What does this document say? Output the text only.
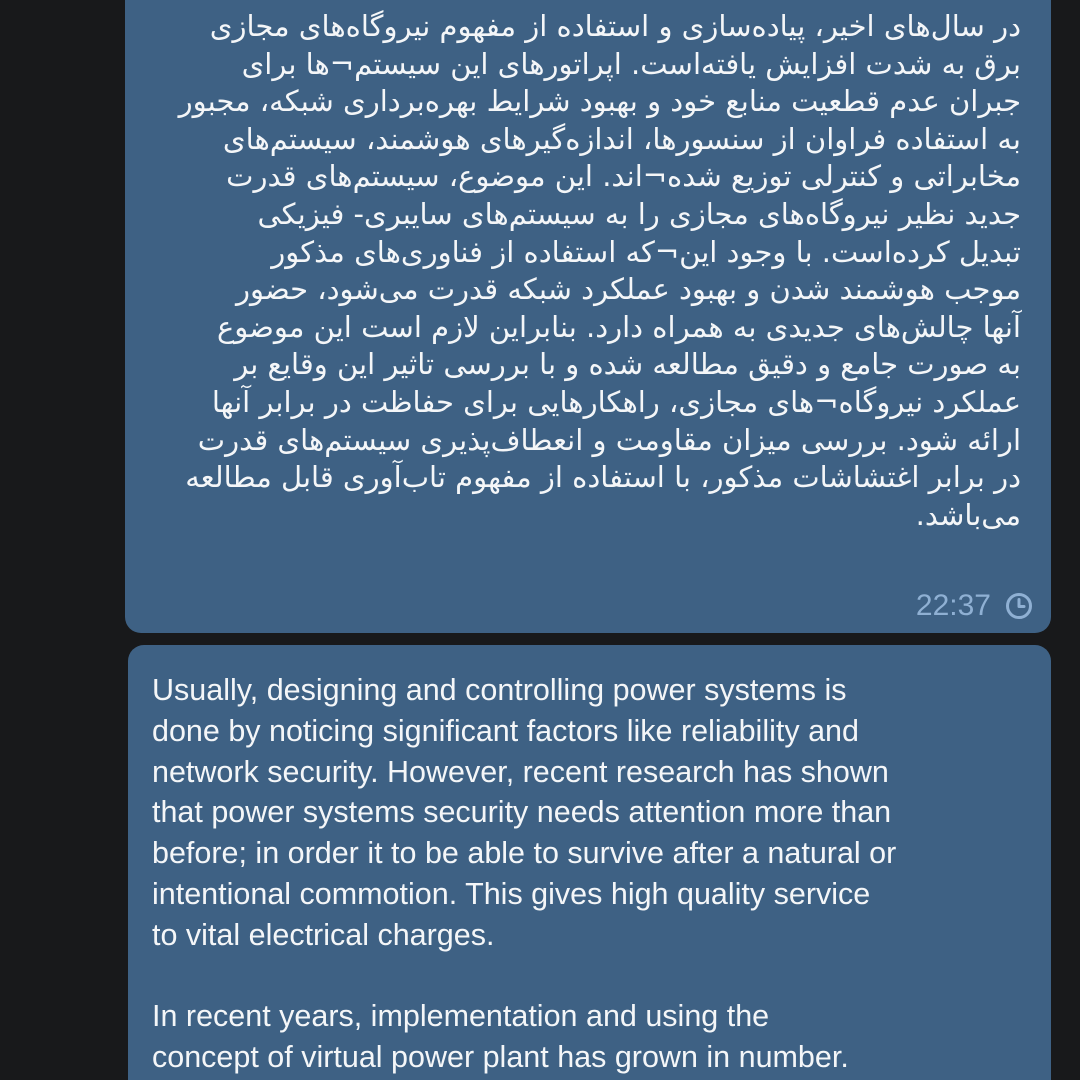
در سال‌های اخیر، پیاده‌سازی و استفاده از مفهوم نیروگاه‌های مجازی
برق به شدت افزایش یافته‌است. اپراتورهای این سیستم¬ها برای
جبران عدم قطعیت منابع خود و بهبود شرایط بهره‌برداری شبکه، مجبور
به استفاده فراوان از سنسورها، اندازه‌گیرهای هوشمند، سیستم‌های
مخابراتی و کنترلی توزیع شده¬اند. این موضوع، سیستم‌های قدرت
جدید نظیر نیروگاه‌های مجازی را به سیستم‌های سایبری- فیزیکی
تبدیل کرده‌است. با وجود این¬که استفاده از فناوری‌های مذکور
موجب هوشمند شدن و بهبود عملکرد شبکه قدرت می‌شود، حضور
آنها چالش‌های جدیدی به همراه دارد. بنابراین لازم است این موضوع
به صورت جامع و دقیق مطالعه شده و با بررسی تاثیر این وقایع بر
عملکرد نیروگاه¬های مجازی، راهکارهایی برای حفاظت در برابر آنها
ارائه شود. بررسی میزان مقاومت و انعطاف‌پذیری سیستم‌های قدرت
در برابر اغتشاشات مذکور، با استفاده از مفهوم تاب‌آوری قابل مطالعه
می‌باشد.

22:37

Usually, designing and controlling power systems is
done by noticing significant factors like reliability and
network security. However, recent research has shown
that power systems security needs attention more than
before; in order it to be able to survive after a natural or
intentional commotion. This gives high quality service
to vital electrical charges.

In recent years, implementation and using the
concept of virtual power plant has grown in number.
